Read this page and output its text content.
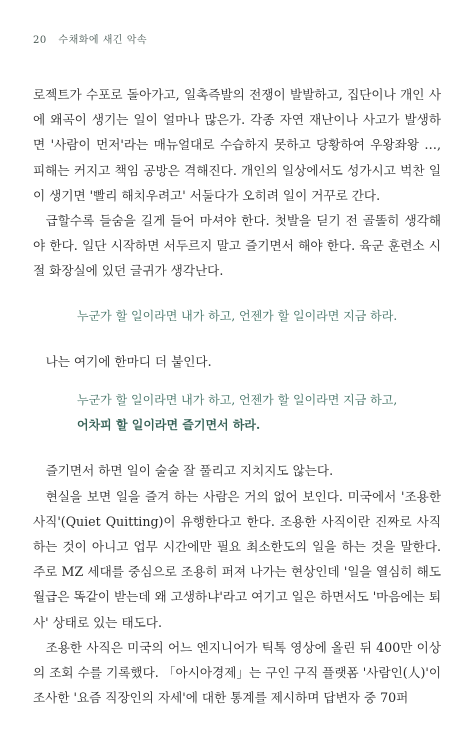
20 수채화에 새긴 악속

로젝트가 수포로 돌아가고, 일촉즉발의 전쟁이 발발하고, 집단이나 개인 사에 왜곡이 생기는 일이 얼마나 많은가. 각종 자연 재난이나 사고가 발생하면 '사람이 먼저'라는 매뉴얼대로 수습하지 못하고 당황하여 우왕좌왕 …, 피해는 커지고 책임 공방은 격해진다. 개인의 일상에서도 성가시고 벅찬 일이 생기면 '빨리 해치우려고' 서둘다가 오히려 일이 거꾸로 간다.

급할수록 들숨을 길게 들어 마셔야 한다. 첫발을 딛기 전 골똘히 생각해야 한다. 일단 시작하면 서두르지 말고 즐기면서 해야 한다. 육군 훈련소 시절 화장실에 있던 글귀가 생각난다.

누군가 할 일이라면 내가 하고, 언젠가 할 일이라면 지금 하라.

나는 여기에 한마디 더 붙인다.

누군가 할 일이라면 내가 하고, 언젠가 할 일이라면 지금 하고,

어차피 할 일이라면 즐기면서 하라.

즐기면서 하면 일이 술술 잘 풀리고 지치지도 않는다.

현실을 보면 일을 즐겨 하는 사람은 거의 없어 보인다. 미국에서 '조용한 사직'(Quiet Quitting)이 유행한다고 한다. 조용한 사직이란 진짜로 사직하는 것이 아니고 업무 시간에만 필요 최소한도의 일을 하는 것을 말한다. 주로 MZ 세대를 중심으로 조용히 퍼져 나가는 현상인데 '일을 열심히 해도 월급은 똑같이 받는데 왜 고생하냐'라고 여기고 일은 하면서도 '마음에는 퇴사' 상태로 있는 태도다.

조용한 사직은 미국의 어느 엔지니어가 틱톡 영상에 올린 뒤 400만 이상의 조회 수를 기록했다. 「아시아경제」는 구인 구직 플랫폼 '사람인(人)'이 조사한 '요즘 직장인의 자세'에 대한 통계를 제시하며 답변자 중 70퍼
